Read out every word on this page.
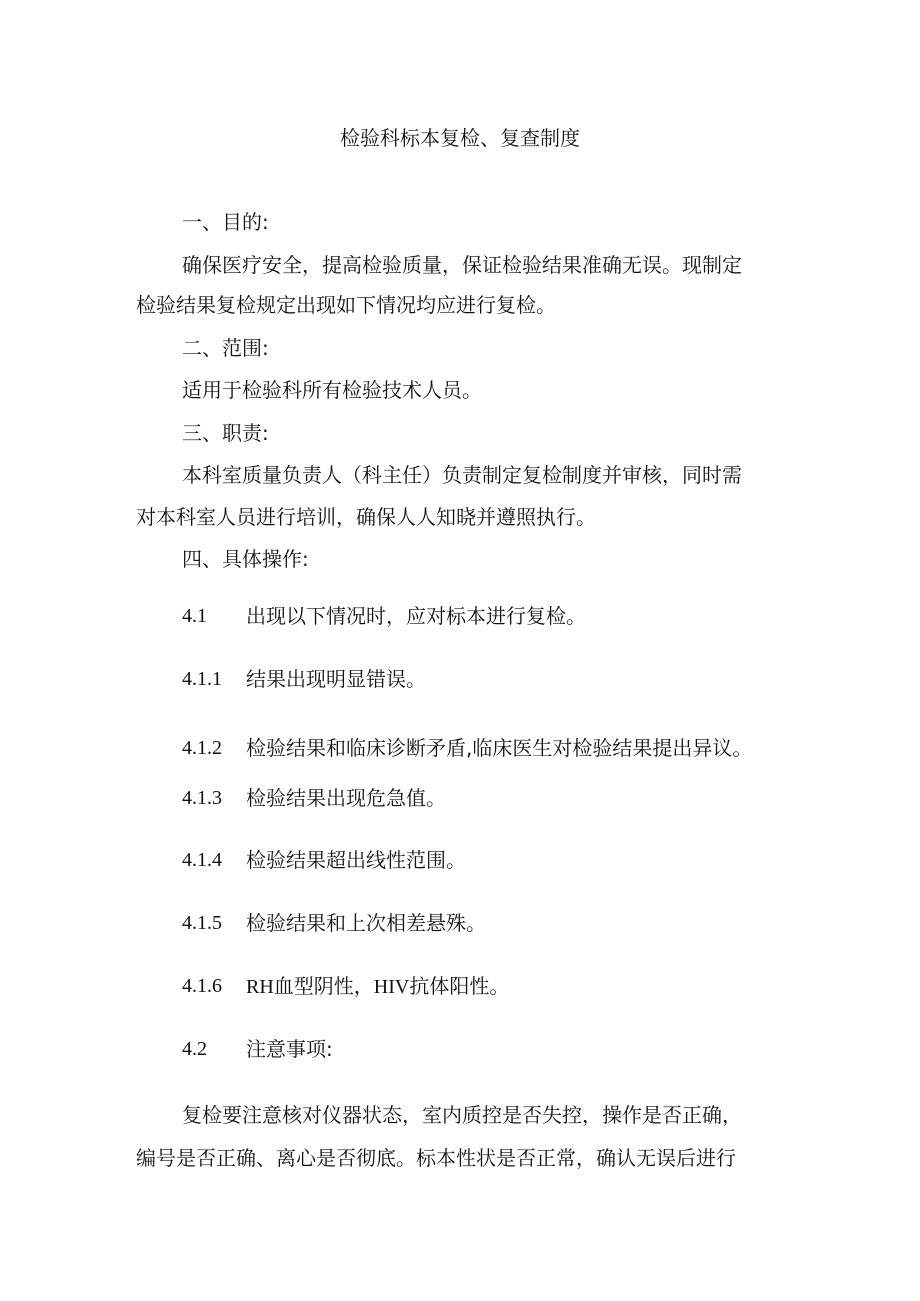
检验科标本复检、复查制度
一、目的:
确保医疗安全，提高检验质量，保证检验结果准确无误。现制定
检验结果复检规定出现如下情况均应进行复检。
二、范围:
适用于检验科所有检验技术人员。
三、职责:
本科室质量负责人（科主任）负责制定复检制度并审核，同时需
对本科室人员进行培训，确保人人知晓并遵照执行。
四、具体操作:
4.1 出现以下情况时，应对标本进行复检。
4.1.1 结果出现明显错误。
4.1.2 检验结果和临床诊断矛盾,临床医生对检验结果提出异议。
4.1.3 检验结果出现危急值。
4.1.4 检验结果超出线性范围。
4.1.5 检验结果和上次相差悬殊。
4.1.6 RH血型阴性，HIV抗体阳性。
4.2 注意事项:
复检要注意核对仪器状态，室内质控是否失控，操作是否正确，
编号是否正确、离心是否彻底。标本性状是否正常，确认无误后进行
